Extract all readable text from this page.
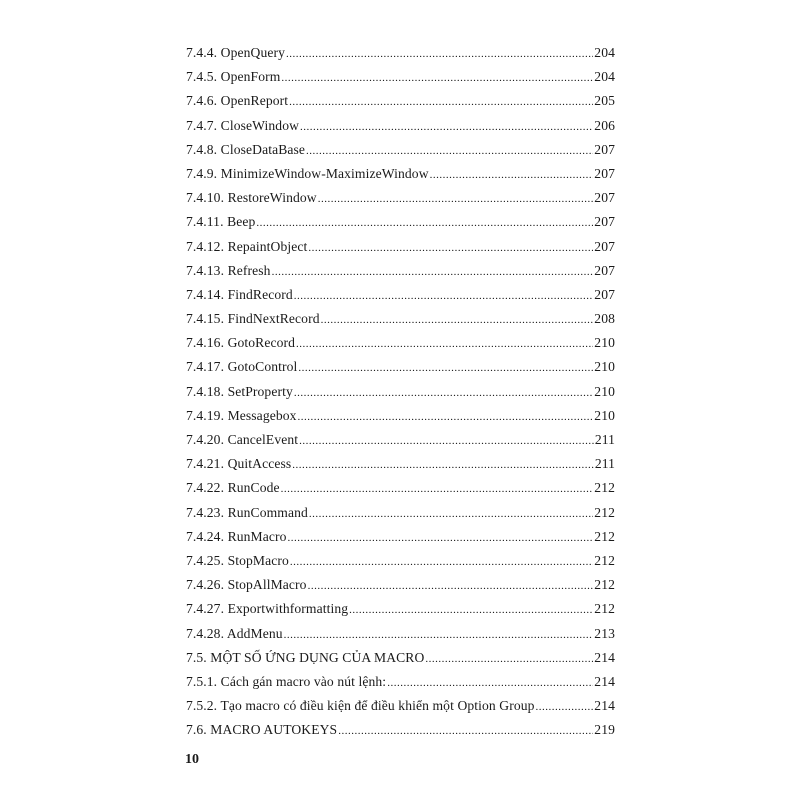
7.4.4. OpenQuery .....	204
7.4.5. OpenForm .....	204
7.4.6. OpenReport .....	205
7.4.7. CloseWindow .....	206
7.4.8. CloseDataBase .....	207
7.4.9. MinimizeWindow-MaximizeWindow .....	207
7.4.10. RestoreWindow .....	207
7.4.11. Beep .....	207
7.4.12. RepaintObject .....	207
7.4.13. Refresh .....	207
7.4.14. FindRecord .....	207
7.4.15. FindNextRecord .....	208
7.4.16. GotoRecord .....	210
7.4.17. GotoControl .....	210
7.4.18. SetProperty .....	210
7.4.19. Messagebox .....	210
7.4.20. CancelEvent .....	211
7.4.21. QuitAccess .....	211
7.4.22. RunCode .....	212
7.4.23. RunCommand .....	212
7.4.24. RunMacro .....	212
7.4.25. StopMacro .....	212
7.4.26. StopAllMacro .....	212
7.4.27. Exportwithformatting .....	212
7.4.28. AddMenu .....	213
7.5. MỘT SỐ ỨNG DỤNG CỦA MACRO .....	214
7.5.1. Cách gán macro vào nút lệnh: .....	214
7.5.2. Tạo macro có điều kiện để điều khiển một Option Group .....	214
7.6. MACRO AUTOKEYS .....	219
10
